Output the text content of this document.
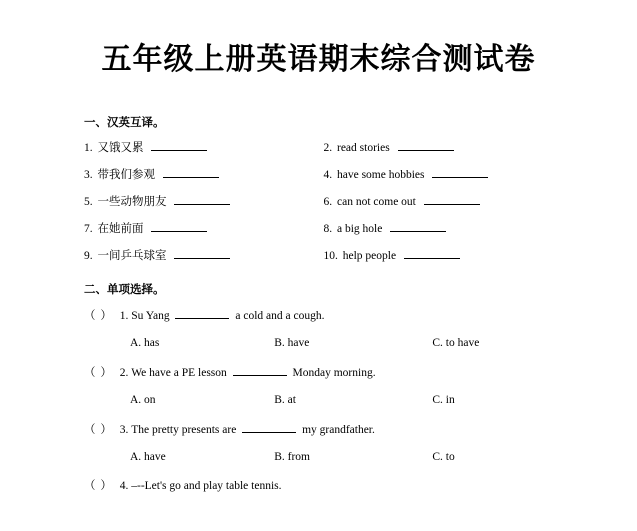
五年级上册英语期末综合测试卷
一、汉英互译。
1. 又饿又累	2. read stories
3. 带我们参观	4. have some hobbies
5. 一些动物朋友	6. can not come out
7. 在她前面	8. a big hole
9. 一间乒乓球室	10. help people
二、单项选择。
（ ） 1. Su Yang	a cold and a cough.
A. has	B. have	C. to have
（ ） 2. We have a PE lesson	Monday morning.
A. on	B. at	C. in
（ ） 3. The pretty presents are	my grandfather.
A. have	B. from	C. to
（ ） 4. –--Let's go and play table tennis.
